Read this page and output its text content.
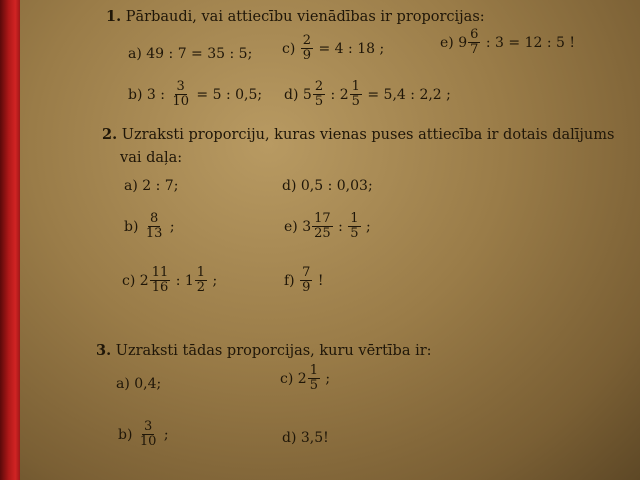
1. Pārbaudi, vai attiecību vienādības ir proporcijas:
a) 49 : 7 = 35 : 5; $c) \frac{2}{9} = 4$ : 18 ;	e) $9 \frac{6}{7}$ : 3 = 12 : 5 !
b) 3 : $\frac{3}{10} = 5$ : 0,5; d) $5 \frac{2}{5}$ : $2 \frac{1}{5} = 5,4$ : 2,2 ;
2. Uzraksti proporciju, kuras vienas puses attiecība ir dotais dalījums
vai daļa:
a) 2 : 7;	d) 0,5 : 0,03;
$b) \frac{8}{13}$ ;	e) $3 \frac{17}{25}$ : $\frac{1}{5}$ ;
c) $2 \frac{11}{16}$ : $1 \frac{1}{2}$ ;	$f) \frac{7}{9}$ !
3. Uzraksti tādas proporcijas, kuru vērtība ir:
a) 0,4;	c) $2 \frac{1}{5}$ ;
$b) \frac{3}{10}$ ;	d) 3,5!
